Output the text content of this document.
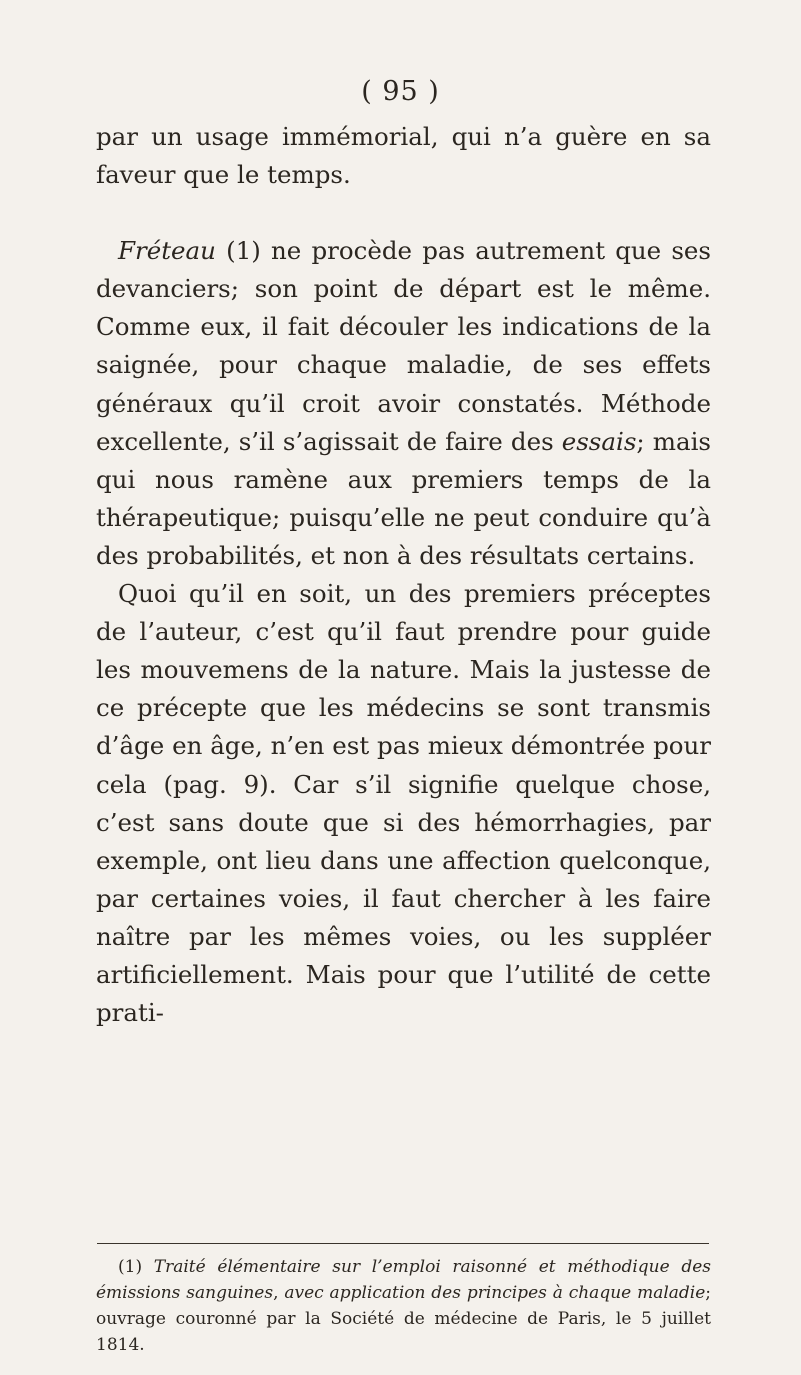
( 95 )

par un usage immémorial, qui n’a guère en sa faveur que le temps.

Fréteau (1) ne procède pas autrement que ses devanciers; son point de départ est le même. Comme eux, il fait découler les indications de la saignée, pour chaque maladie, de ses effets généraux qu’il croit avoir constatés. Méthode excellente, s’il s’agissait de faire des essais; mais qui nous ramène aux premiers temps de la thérapeutique; puisqu’elle ne peut conduire qu’à des probabilités, et non à des résultats certains.

Quoi qu’il en soit, un des premiers préceptes de l’auteur, c’est qu’il faut prendre pour guide les mouvemens de la nature. Mais la justesse de ce précepte que les médecins se sont transmis d’âge en âge, n’en est pas mieux démontrée pour cela (pag. 9). Car s’il signifie quelque chose, c’est sans doute que si des hémorrhagies, par exemple, ont lieu dans une affection quelconque, par certaines voies, il faut chercher à les faire naître par les mêmes voies, ou les suppléer artificiellement. Mais pour que l’utilité de cette prati-

(1) Traité élémentaire sur l’emploi raisonné et méthodique des émissions sanguines, avec application des principes à chaque maladie; ouvrage couronné par la Société de médecine de Paris, le 5 juillet 1814.
